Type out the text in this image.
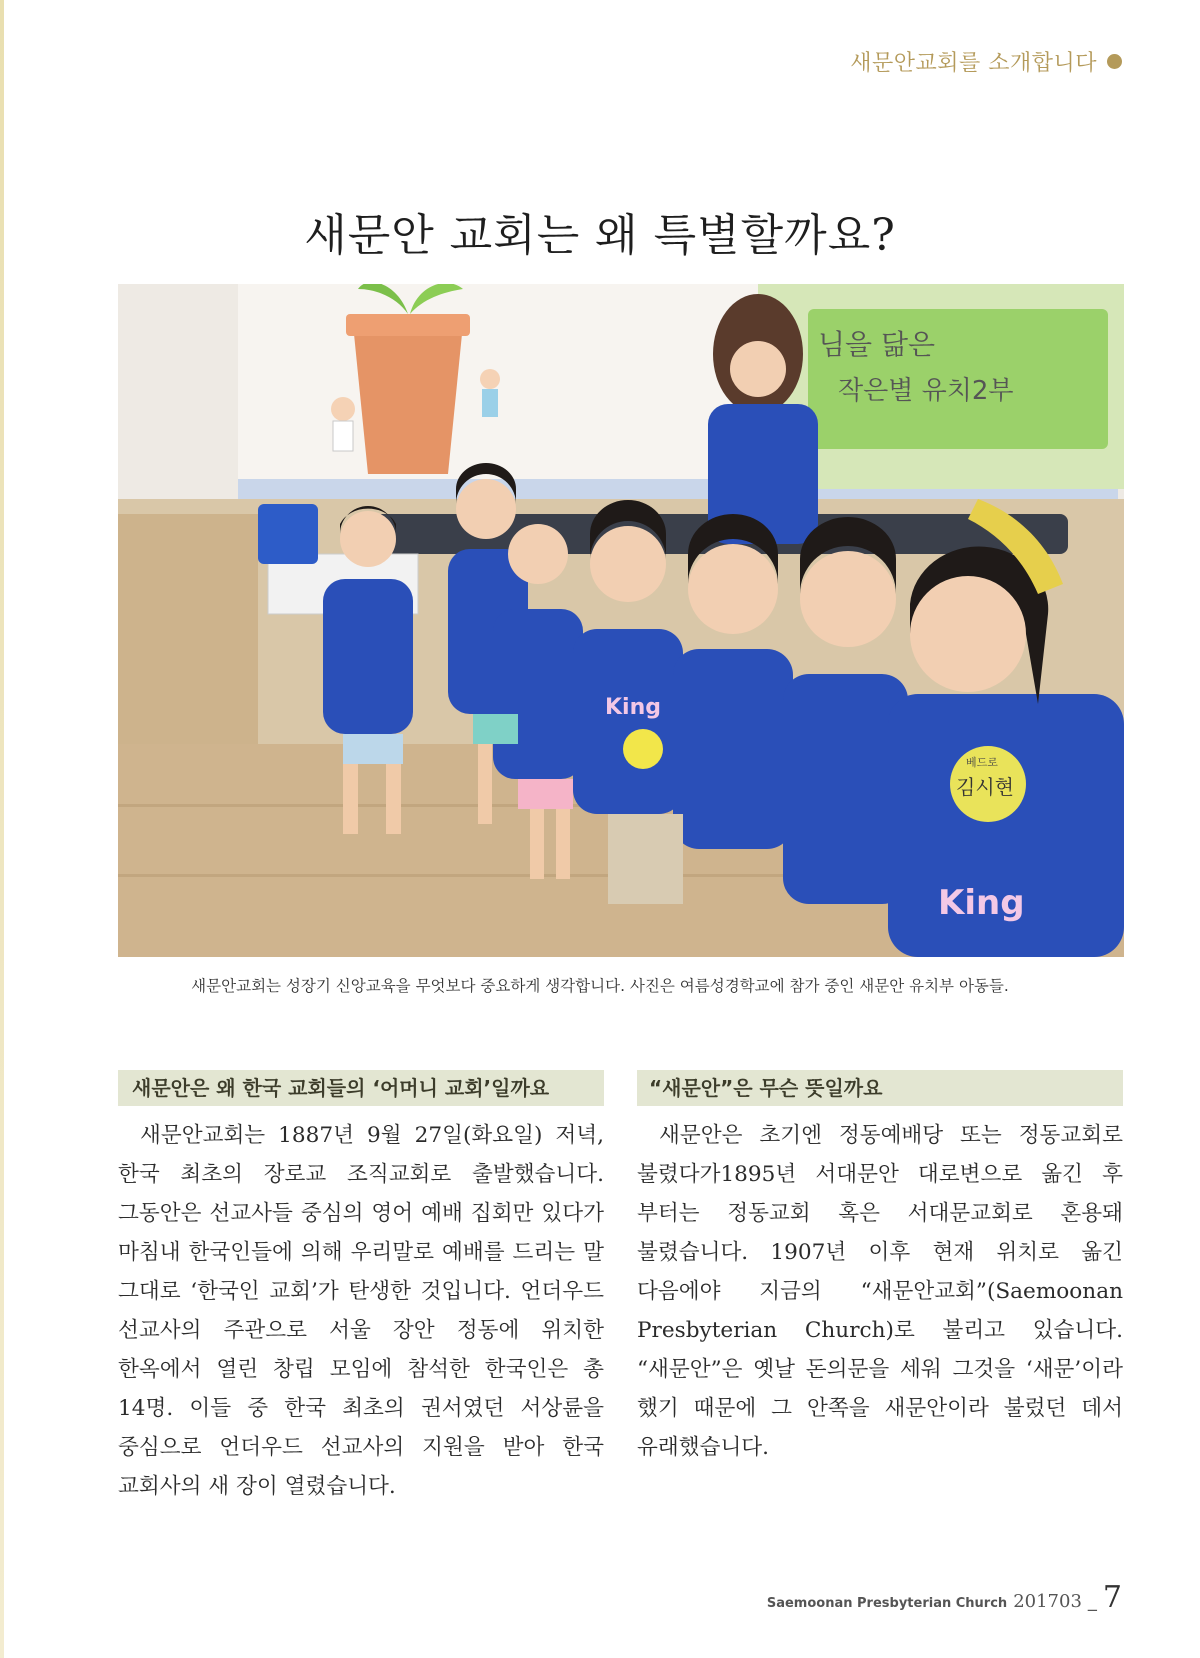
새문안교회를 소개합니다
새문안 교회는 왜 특별할까요?
님을 닮은
작은별 유치2부
베드로
김시현
King
King
새문안교회는 성장기 신앙교육을 무엇보다 중요하게 생각합니다. 사진은 여름성경학교에 참가 중인 새문안 유치부 아동들.
새문안은 왜 한국 교회들의 ‘어머니 교회’일까요

새문안교회는 1887년 9월 27일(화요일) 저녁, 한국 최초의 장로교 조직교회로 출발했습니다. 그동안은 선교사들 중심의 영어 예배 집회만 있다가 마침내 한국인들에 의해 우리말로 예배를 드리는 말 그대로 ‘한국인 교회’가 탄생한 것입니다. 언더우드 선교사의 주관으로 서울 장안 정동에 위치한 한옥에서 열린 창립 모임에 참석한 한국인은 총 14명. 이들 중 한국 최초의 권서였던 서상륜을 중심으로 언더우드 선교사의 지원을 받아 한국 교회사의 새 장이 열렸습니다.

“새문안”은 무슨 뜻일까요

새문안은 초기엔 정동예배당 또는 정동교회로 불렸다가1895년 서대문안 대로변으로 옮긴 후 부터는 정동교회 혹은 서대문교회로 혼용돼 불렸습니다. 1907년 이후 현재 위치로 옮긴 다음에야 지금의 “새문안교회”(Saemoonan Presbyterian Church)로 불리고 있습니다. “새문안”은 옛날 돈의문을 세워 그것을 ‘새문’이라 했기 때문에 그 안쪽을 새문안이라 불렀던 데서 유래했습니다.

Saemoonan Presbyterian Church 201703 _ 7
